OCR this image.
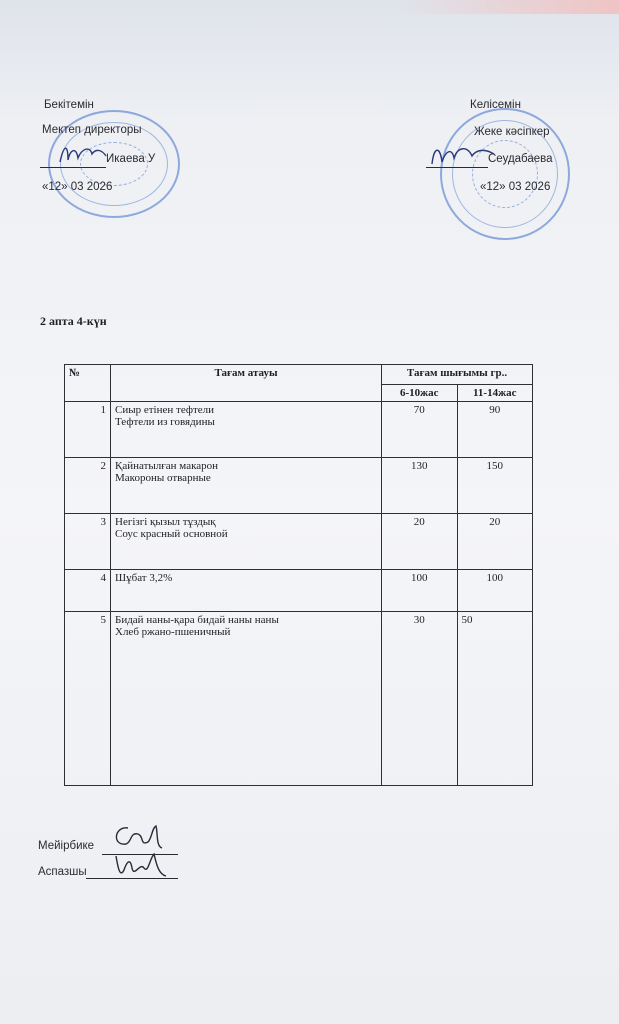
Бекітемін
Мектеп директоры
Икаева У
«12» 03 2026
Келісемін
Жеке кәсіпкер
Сеудабаева
«12» 03 2026
2 апта 4-күн
№	Тағам атауы	Тағам шығымы гр..	
		6-10жас	11-14жас
1	Сиыр етінен тефтели
Тефтели из говядины	70	90
2	Қайнатылған макарон
Макороны отварные	130	150
3	Негізгі қызыл тұздық
Соус красный основной	20	20
4	Шұбат 3,2%	100	100
5	Бидай наны-қара бидай наны наны
Хлеб ржано-пшеничный	30	50
Мейірбике
Аспазшы
